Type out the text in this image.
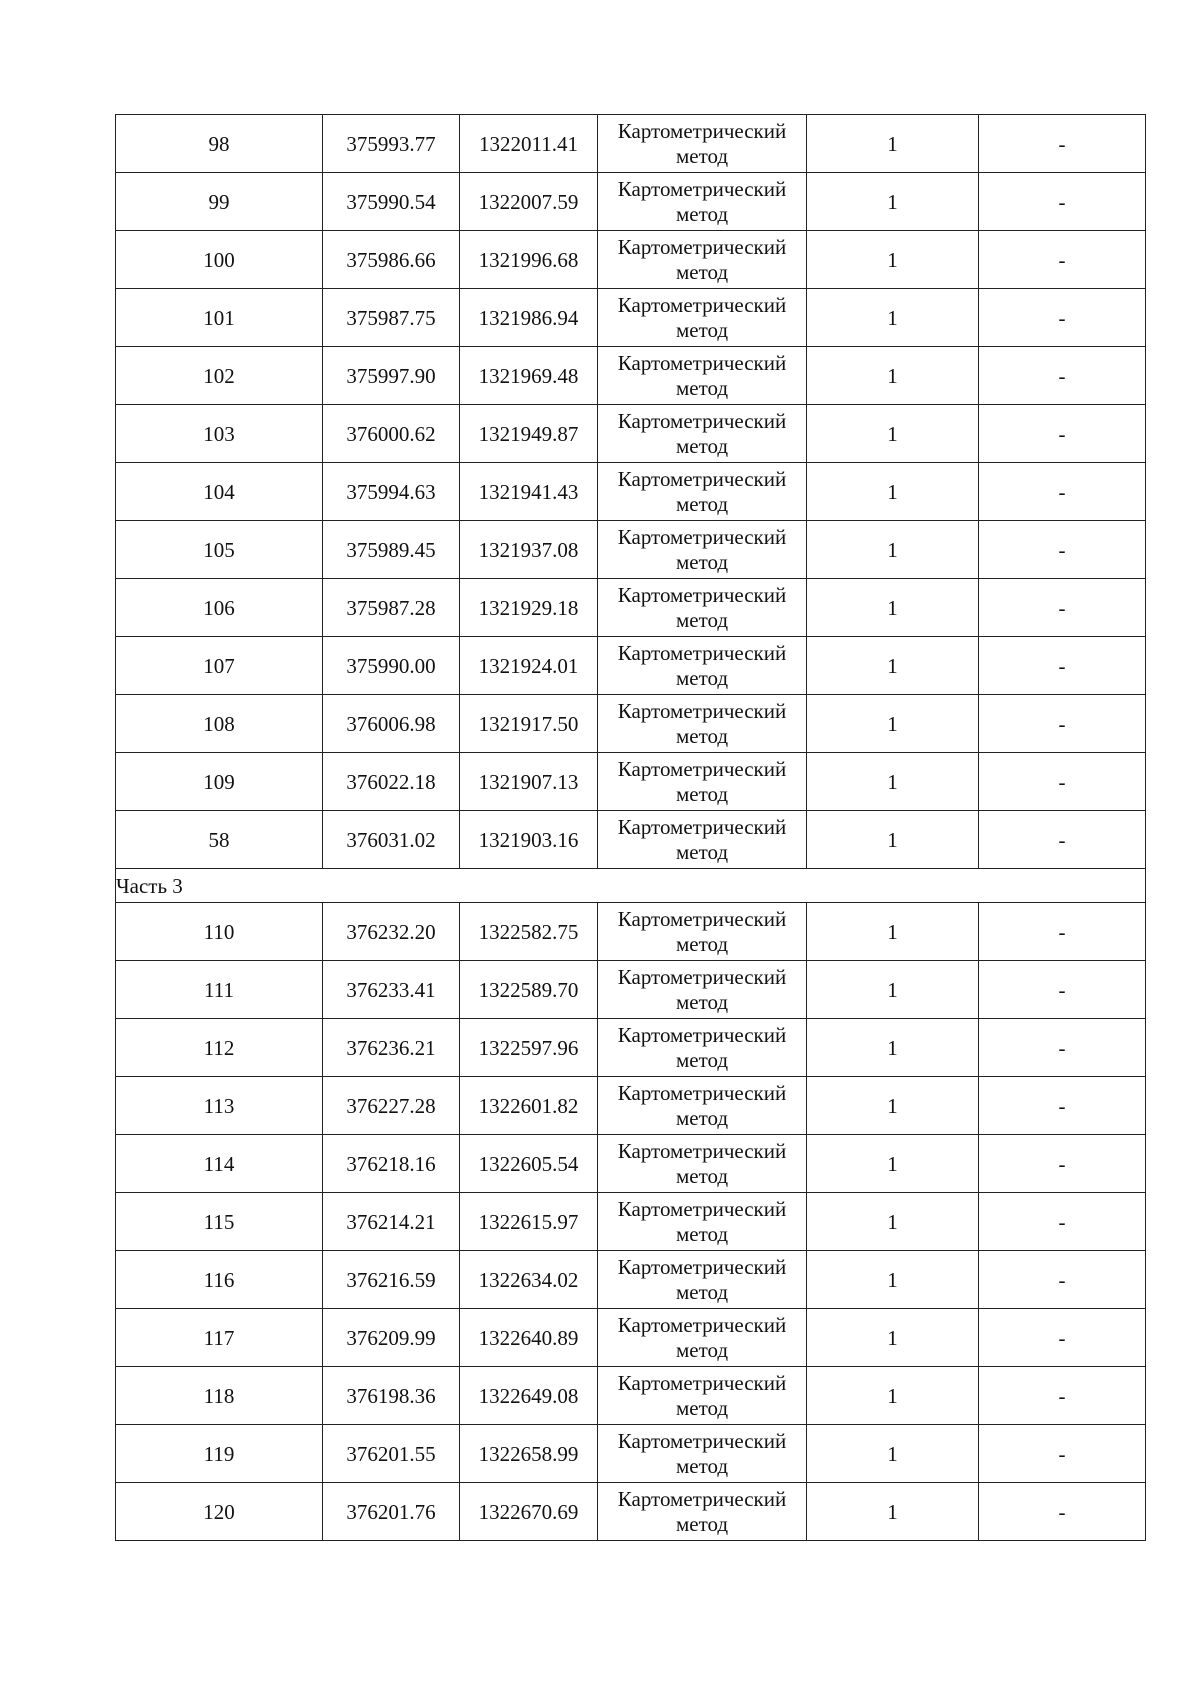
98	375993.77	1322011.41	Картометрический метод	1	-
99	375990.54	1322007.59	Картометрический метод	1	-
100	375986.66	1321996.68	Картометрический метод	1	-
101	375987.75	1321986.94	Картометрический метод	1	-
102	375997.90	1321969.48	Картометрический метод	1	-
103	376000.62	1321949.87	Картометрический метод	1	-
104	375994.63	1321941.43	Картометрический метод	1	-
105	375989.45	1321937.08	Картометрический метод	1	-
106	375987.28	1321929.18	Картометрический метод	1	-
107	375990.00	1321924.01	Картометрический метод	1	-
108	376006.98	1321917.50	Картометрический метод	1	-
109	376022.18	1321907.13	Картометрический метод	1	-
58	376031.02	1321903.16	Картометрический метод	1	-
Часть 3					
110	376232.20	1322582.75	Картометрический метод	1	-
111	376233.41	1322589.70	Картометрический метод	1	-
112	376236.21	1322597.96	Картометрический метод	1	-
113	376227.28	1322601.82	Картометрический метод	1	-
114	376218.16	1322605.54	Картометрический метод	1	-
115	376214.21	1322615.97	Картометрический метод	1	-
116	376216.59	1322634.02	Картометрический метод	1	-
117	376209.99	1322640.89	Картометрический метод	1	-
118	376198.36	1322649.08	Картометрический метод	1	-
119	376201.55	1322658.99	Картометрический метод	1	-
120	376201.76	1322670.69	Картометрический метод	1	-
